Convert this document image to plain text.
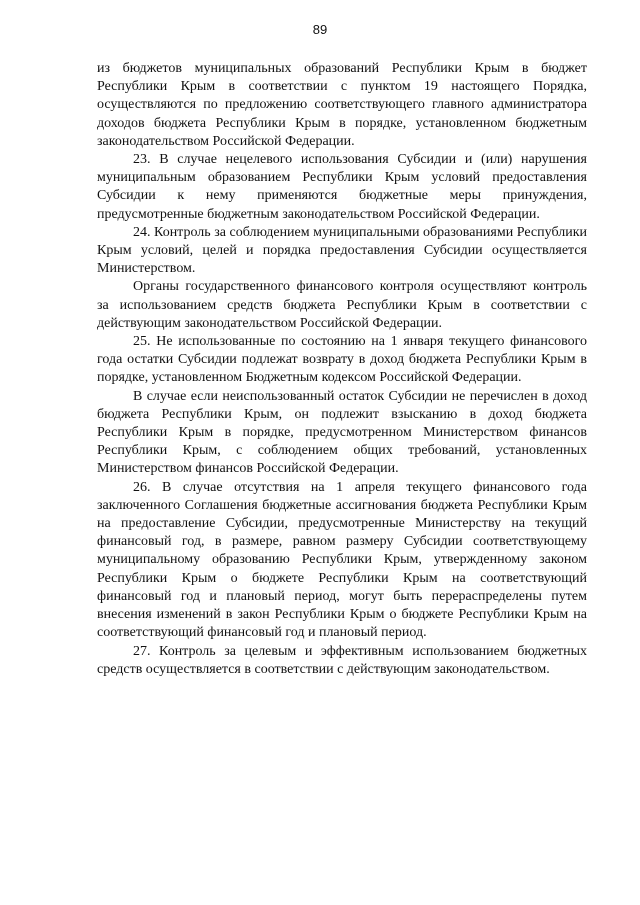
89

из бюджетов муниципальных образований Республики Крым в бюджет Республики Крым в соответствии с пунктом 19 настоящего Порядка, осуществляются по предложению соответствующего главного администратора доходов бюджета Республики Крым в порядке, установленном бюджетным законодательством Российской Федерации.

23. В случае нецелевого использования Субсидии и (или) нарушения муниципальным образованием Республики Крым условий предоставления Субсидии к нему применяются бюджетные меры принуждения, предусмотренные бюджетным законодательством Российской Федерации.

24. Контроль за соблюдением муниципальными образованиями Республики Крым условий, целей и порядка предоставления Субсидии осуществляется Министерством.

Органы государственного финансового контроля осуществляют контроль за использованием средств бюджета Республики Крым в соответствии с действующим законодательством Российской Федерации.

25. Не использованные по состоянию на 1 января текущего финансового года остатки Субсидии подлежат возврату в доход бюджета Республики Крым в порядке, установленном Бюджетным кодексом Российской Федерации.

В случае если неиспользованный остаток Субсидии не перечислен в доход бюджета Республики Крым, он подлежит взысканию в доход бюджета Республики Крым в порядке, предусмотренном Министерством финансов Республики Крым, с соблюдением общих требований, установленных Министерством финансов Российской Федерации.

26. В случае отсутствия на 1 апреля текущего финансового года заключенного Соглашения бюджетные ассигнования бюджета Республики Крым на предоставление Субсидии, предусмотренные Министерству на текущий финансовый год, в размере, равном размеру Субсидии соответствующему муниципальному образованию Республики Крым, утвержденному законом Республики Крым о бюджете Республики Крым на соответствующий финансовый год и плановый период, могут быть перераспределены путем внесения изменений в закон Республики Крым о бюджете Республики Крым на соответствующий финансовый год и плановый период.

27. Контроль за целевым и эффективным использованием бюджетных средств осуществляется в соответствии с действующим законодательством.
